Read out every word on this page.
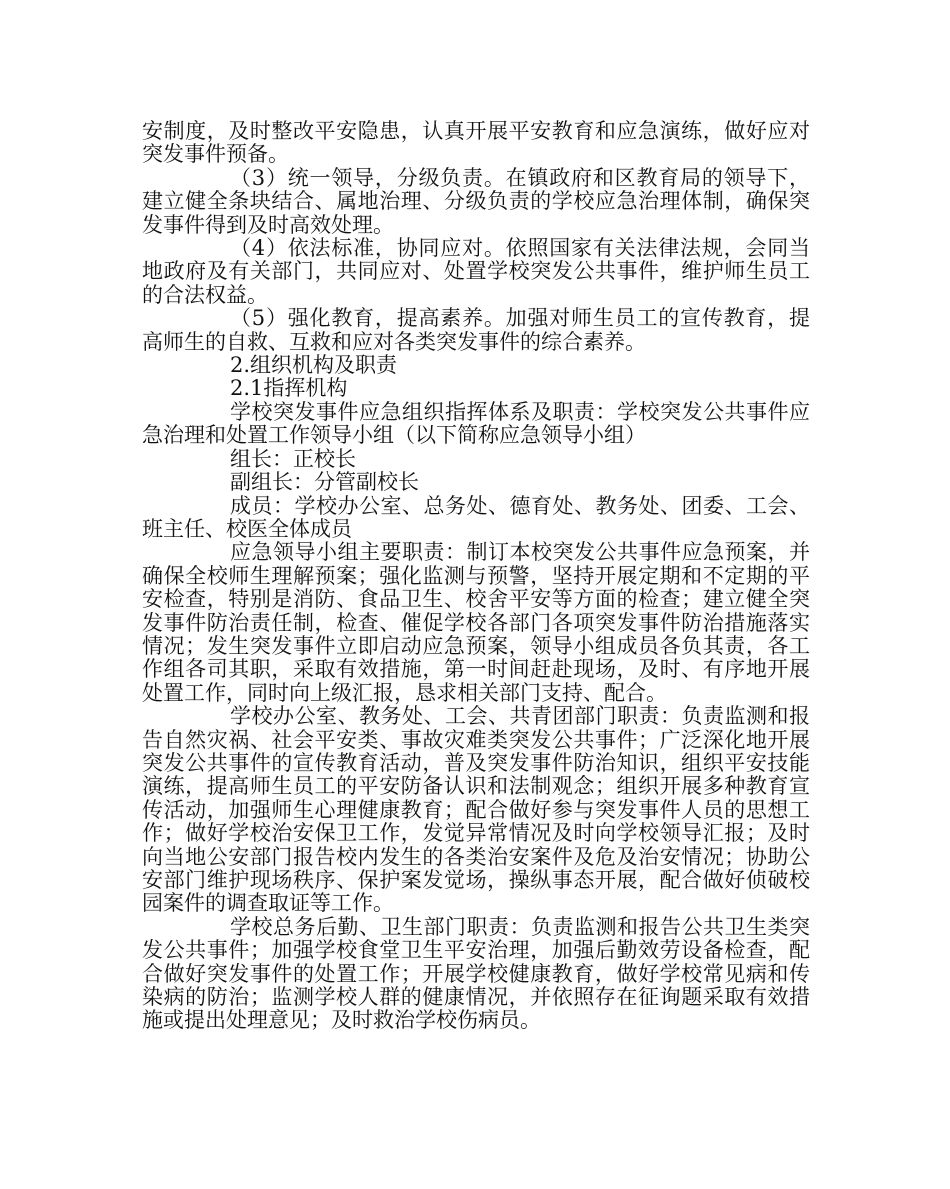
安制度，及时整改平安隐患，认真开展平安教育和应急演练，做好应对突发事件预备。

（3）统一领导，分级负责。在镇政府和区教育局的领导下，建立健全条块结合、属地治理、分级负责的学校应急治理体制，确保突发事件得到及时高效处理。

（4）依法标准，协同应对。依照国家有关法律法规，会同当地政府及有关部门，共同应对、处置学校突发公共事件，维护师生员工的合法权益。

（5）强化教育，提高素养。加强对师生员工的宣传教育，提高师生的自救、互救和应对各类突发事件的综合素养。

2.组织机构及职责

2.1指挥机构

学校突发事件应急组织指挥体系及职责：学校突发公共事件应急治理和处置工作领导小组（以下简称应急领导小组）

组长：正校长

副组长：分管副校长

成员：学校办公室、总务处、德育处、教务处、团委、工会、班主任、校医全体成员

应急领导小组主要职责：制订本校突发公共事件应急预案，并确保全校师生理解预案；强化监测与预警，坚持开展定期和不定期的平安检查，特别是消防、食品卫生、校舍平安等方面的检查；建立健全突发事件防治责任制，检查、催促学校各部门各项突发事件防治措施落实情况；发生突发事件立即启动应急预案，领导小组成员各负其责，各工作组各司其职，采取有效措施，第一时间赶赴现场，及时、有序地开展处置工作，同时向上级汇报，恳求相关部门支持、配合。

学校办公室、教务处、工会、共青团部门职责：负责监测和报告自然灾祸、社会平安类、事故灾难类突发公共事件；广泛深化地开展突发公共事件的宣传教育活动，普及突发事件防治知识，组织平安技能演练，提高师生员工的平安防备认识和法制观念；组织开展多种教育宣传活动，加强师生心理健康教育；配合做好参与突发事件人员的思想工作；做好学校治安保卫工作，发觉异常情况及时向学校领导汇报；及时向当地公安部门报告校内发生的各类治安案件及危及治安情况；协助公安部门维护现场秩序、保护案发觉场，操纵事态开展，配合做好侦破校园案件的调查取证等工作。

学校总务后勤、卫生部门职责：负责监测和报告公共卫生类突发公共事件；加强学校食堂卫生平安治理，加强后勤效劳设备检查，配合做好突发事件的处置工作；开展学校健康教育，做好学校常见病和传染病的防治；监测学校人群的健康情况，并依照存在征询题采取有效措施或提出处理意见；及时救治学校伤病员。
